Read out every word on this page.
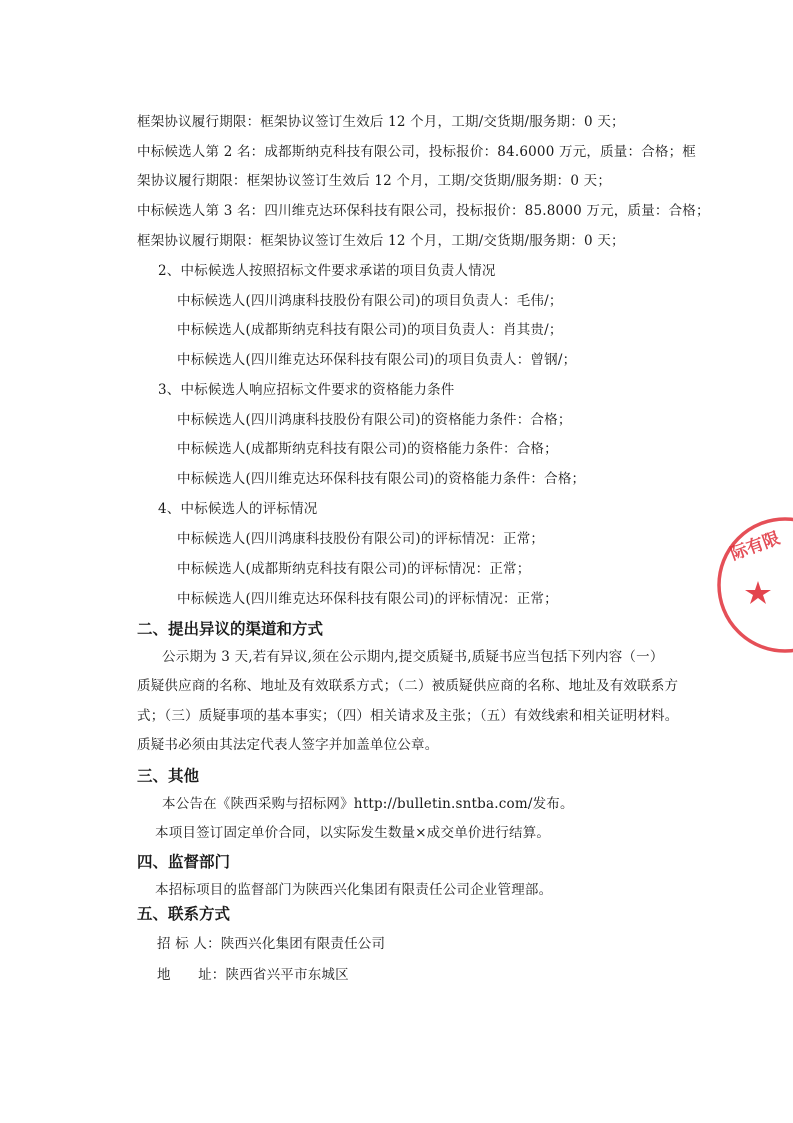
框架协议履行期限：框架协议签订生效后 12 个月，工期/交货期/服务期：0 天；
中标候选人第 2 名：成都斯纳克科技有限公司，投标报价：84.6000 万元，质量：合格；框
架协议履行期限：框架协议签订生效后 12 个月，工期/交货期/服务期：0 天；
中标候选人第 3 名：四川维克达环保科技有限公司，投标报价：85.8000 万元，质量：合格；
框架协议履行期限：框架协议签订生效后 12 个月，工期/交货期/服务期：0 天；
2、中标候选人按照招标文件要求承诺的项目负责人情况
中标候选人(四川鸿康科技股份有限公司)的项目负责人：毛伟/；
中标候选人(成都斯纳克科技有限公司)的项目负责人：肖其贵/；
中标候选人(四川维克达环保科技有限公司)的项目负责人：曾钢/；
3、中标候选人响应招标文件要求的资格能力条件
中标候选人(四川鸿康科技股份有限公司)的资格能力条件：合格；
中标候选人(成都斯纳克科技有限公司)的资格能力条件：合格；
中标候选人(四川维克达环保科技有限公司)的资格能力条件：合格；
4、中标候选人的评标情况
中标候选人(四川鸿康科技股份有限公司)的评标情况：正常；
中标候选人(成都斯纳克科技有限公司)的评标情况：正常；
中标候选人(四川维克达环保科技有限公司)的评标情况：正常；
二、提出异议的渠道和方式
公示期为 3 天,若有异议,须在公示期内,提交质疑书,质疑书应当包括下列内容（一）
质疑供应商的名称、地址及有效联系方式；（二）被质疑供应商的名称、地址及有效联系方
式；（三）质疑事项的基本事实；（四）相关请求及主张；（五）有效线索和相关证明材料。
质疑书必须由其法定代表人签字并加盖单位公章。
三、其他
本公告在《陕西采购与招标网》http://bulletin.sntba.com/发布。
本项目签订固定单价合同，以实际发生数量×成交单价进行结算。
四、监督部门
本招标项目的监督部门为陕西兴化集团有限责任公司企业管理部。
五、联系方式
招 标 人：陕西兴化集团有限责任公司
地　　址：陕西省兴平市东城区
际有限
